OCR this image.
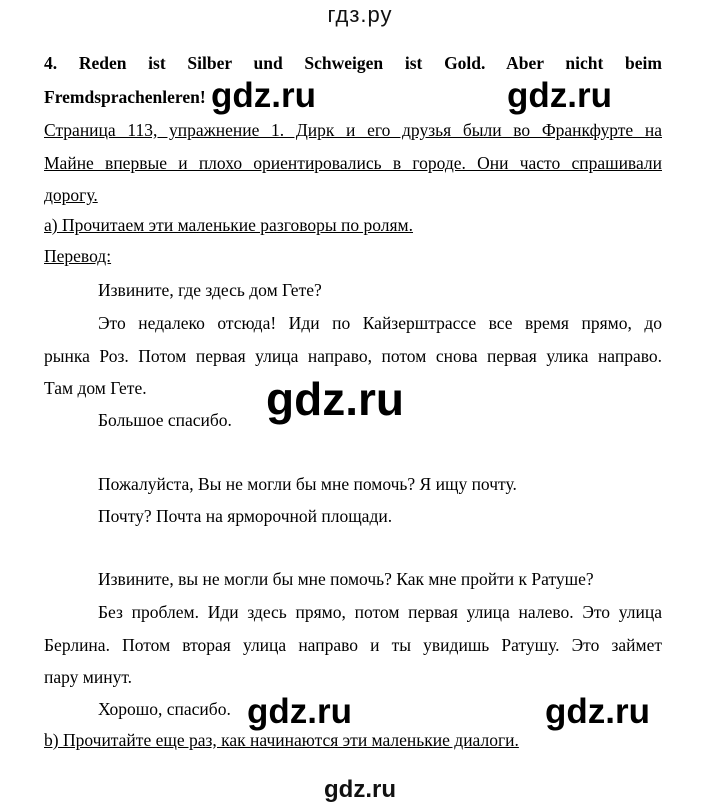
гдз.ру
4. Reden ist Silber und Schweigen ist Gold. Aber nicht beim
Fremdsprachenleren!
Страница 113, упражнение 1. Дирк и его друзья были во Франкфурте на
Майне впервые и плохо ориентировались в городе. Они часто спрашивали
дорогу.
а) Прочитаем эти маленькие разговоры по ролям.
Перевод:
Извините, где здесь дом Гете?
Это недалеко отсюда! Иди по Кайзерштрассе все время прямо, до
рынка Роз. Потом первая улица направо, потом снова первая улика направо.
Там дом Гете.
Большое спасибо.
Пожалуйста, Вы не могли бы мне помочь? Я ищу почту.
Почту? Почта на ярморочной площади.
Извините, вы не могли бы мне помочь? Как мне пройти к Ратуше?
Без проблем. Иди здесь прямо, потом первая улица налево. Это улица
Берлина. Потом вторая улица направо и ты увидишь Ратушу. Это займет
пару минут.
Хорошо, спасибо.
b) Прочитайте еще раз, как начинаются эти маленькие диалоги.
gdz.ru	gdz.ru
gdz.ru
gdz.ru	gdz.ru
gdz.ru
